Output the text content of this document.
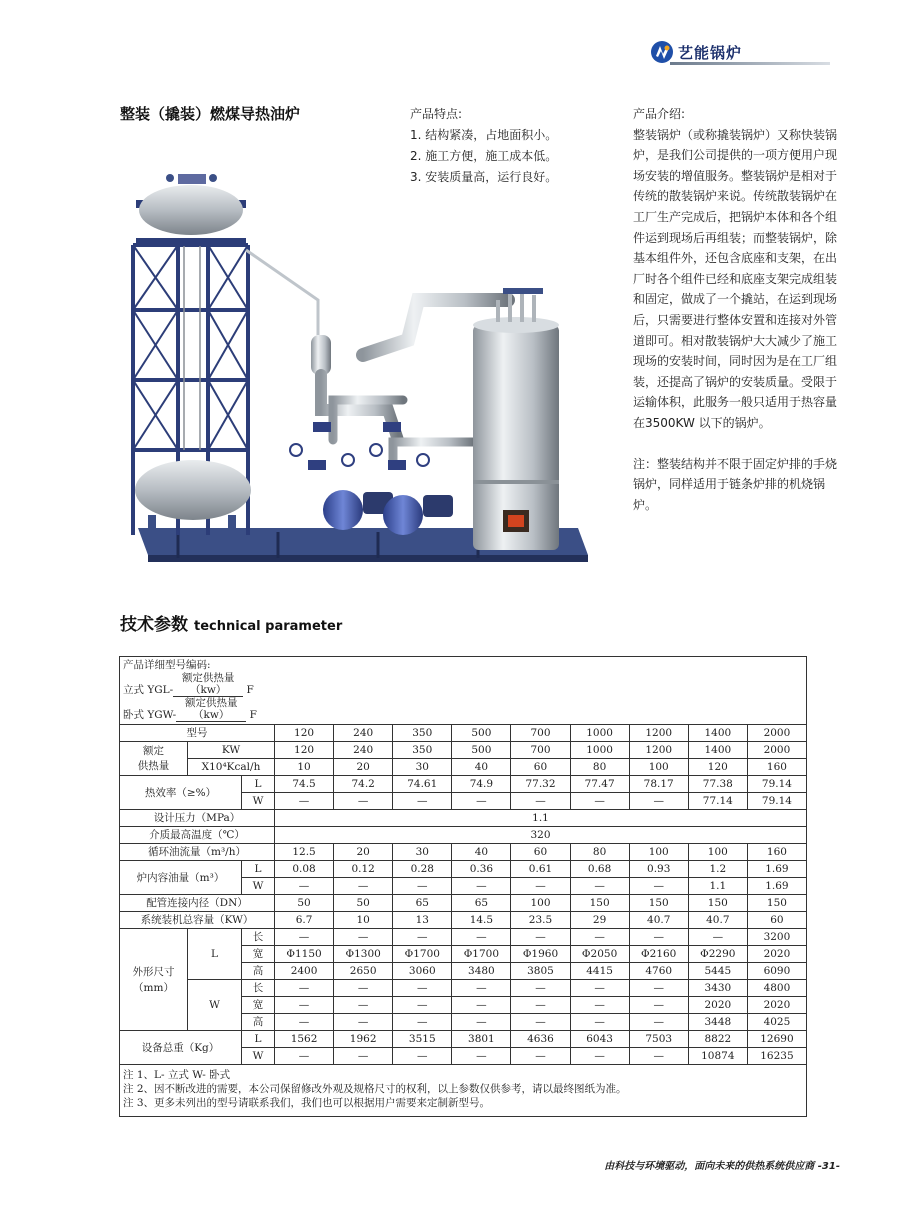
艺能锅炉
整装（撬装）燃煤导热油炉	产品特点:
1. 结构紧凑，占地面积小。
2. 施工方便，施工成本低。
3. 安装质量高，运行良好。

产品介绍:

整装锅炉（或称撬装锅炉）又称快装锅炉，是我们公司提供的一项方便用户现场安装的增值服务。整装锅炉是相对于传统的散装锅炉来说。传统散装锅炉在工厂生产完成后，把锅炉本体和各个组件运到现场后再组装；而整装锅炉，除基本组件外，还包含底座和支架，在出厂时各个组件已经和底座支架完成组装和固定，做成了一个撬站，在运到现场后，只需要进行整体安置和连接对外管道即可。相对散装锅炉大大减少了施工现场的安装时间，同时因为是在工厂组装，还提高了锅炉的安装质量。受限于运输体积，此服务一般只适用于热容量在3500KW 以下的锅炉。

注：整装结构并不限于固定炉排的手烧锅炉，同样适用于链条炉排的机烧锅炉。

技术参数 technical parameter
产品详细型号编码:
立式 YGL-额定供热量（kw） F
卧式 YGW-额定供热量（kw） F											

型号			120	240	350	500	700	1000	1200	1400	2000
额定
供热量	KW		120	240	350	500	700	1000	1200	1400	2000
	X10⁴Kcal/h		10	20	30	40	60	80	100	120	160
热效率（≥%）		L	74.5	74.2	74.61	74.9	77.32	77.47	78.17	77.38	79.14
		W	—	—	—	—	—	—	—	77.14	79.14
设计压力（MPa）			1.1								
介质最高温度（℃）			320								
循环油流量（m³/h）			12.5	20	30	40	60	80	100	100	160
炉内容油量（m³）		L	0.08	0.12	0.28	0.36	0.61	0.68	0.93	1.2	1.69
		W	—	—	—	—	—	—	—	1.1	1.69
配管连接内径（DN）			50	50	65	65	100	150	150	150	150
系统装机总容量（KW）			6.7	10	13	14.5	23.5	29	40.7	40.7	60

外形尺寸
（mm）	L	长	—	—	—	—	—	—	—	—	3200
		宽	Φ1150	Φ1300	Φ1700	Φ1700	Φ1960	Φ2050	Φ2160	Φ2290	2020
		高	2400	2650	3060	3480	3805	4415	4760	5445	6090
	W	长	—	—	—	—	—	—	—	3430	4800
		宽	—	—	—	—	—	—	—	2020	2020
		高	—	—	—	—	—	—	—	3448	4025
设备总重（Kg）		L	1562	1962	3515	3801	4636	6043	7503	8822	12690
		W	—	—	—	—	—	—	—	10874	16235

注 1、L- 立式 W- 卧式
注 2、因不断改进的需要，本公司保留修改外观及规格尺寸的权利，以上参数仅供参考，请以最终图纸为准。
注 3、更多未列出的型号请联系我们，我们也可以根据用户需要来定制新型号。											
由科技与环境驱动，面向未来的供热系统供应商 -31-
